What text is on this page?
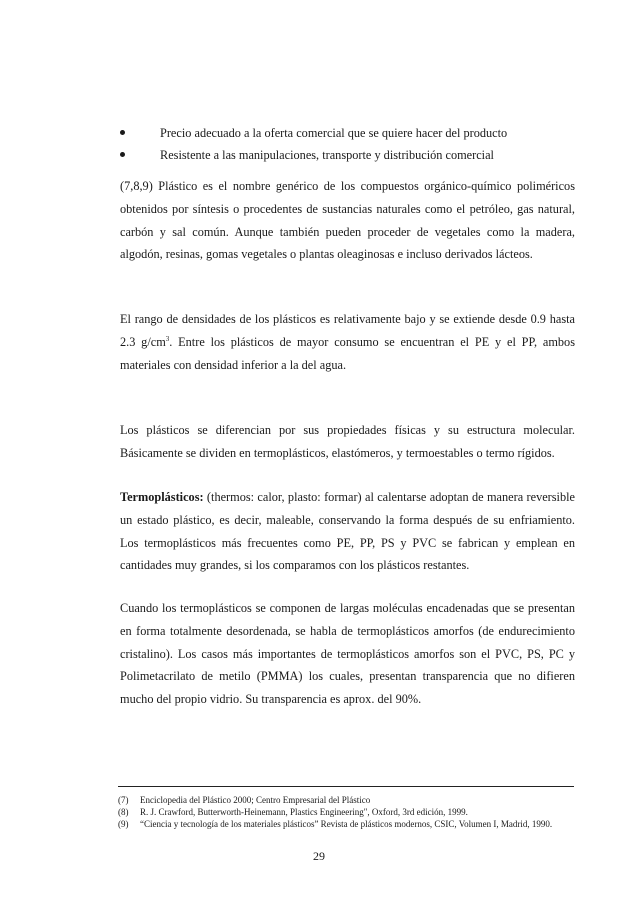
Precio adecuado a la oferta comercial que se quiere hacer del producto
Resistente a las manipulaciones, transporte y distribución comercial

(7,8,9) Plástico es el nombre genérico de los compuestos orgánico-químico poliméricos obtenidos por síntesis o procedentes de sustancias naturales como el petróleo, gas natural, carbón y sal común. Aunque también pueden proceder de vegetales como la madera, algodón, resinas, gomas vegetales o plantas oleaginosas e incluso derivados lácteos.

El rango de densidades de los plásticos es relativamente bajo y se extiende desde 0.9 hasta 2.3 $g/cm^3$. Entre los plásticos de mayor consumo se encuentran el PE y el PP, ambos materiales con densidad inferior a la del agua.

Los plásticos se diferencian por sus propiedades físicas y su estructura molecular. Básicamente se dividen en termoplásticos, elastómeros, y termoestables o termo rígidos.

Termoplásticos: (thermos: calor, plasto: formar) al calentarse adoptan de manera reversible un estado plástico, es decir, maleable, conservando la forma después de su enfriamiento. Los termoplásticos más frecuentes como PE, PP, PS y PVC se fabrican y emplean en cantidades muy grandes, si los comparamos con los plásticos restantes.

Cuando los termoplásticos se componen de largas moléculas encadenadas que se presentan en forma totalmente desordenada, se habla de termoplásticos amorfos (de endurecimiento cristalino). Los casos más importantes de termoplásticos amorfos son el PVC, PS, PC y Polimetacrilato de metilo (PMMA) los cuales, presentan transparencia que no difieren mucho del propio vidrio. Su transparencia es aprox. del 90%.

(7) Enciclopedia del Plástico 2000; Centro Empresarial del Plástico
(8) R. J. Crawford, Butterworth-Heinemann, Plastics Engineering", Oxford, 3rd edición, 1999.
(9) “Ciencia y tecnología de los materiales plásticos” Revista de plásticos modernos, CSIC, Volumen I, Madrid, 1990.
29
